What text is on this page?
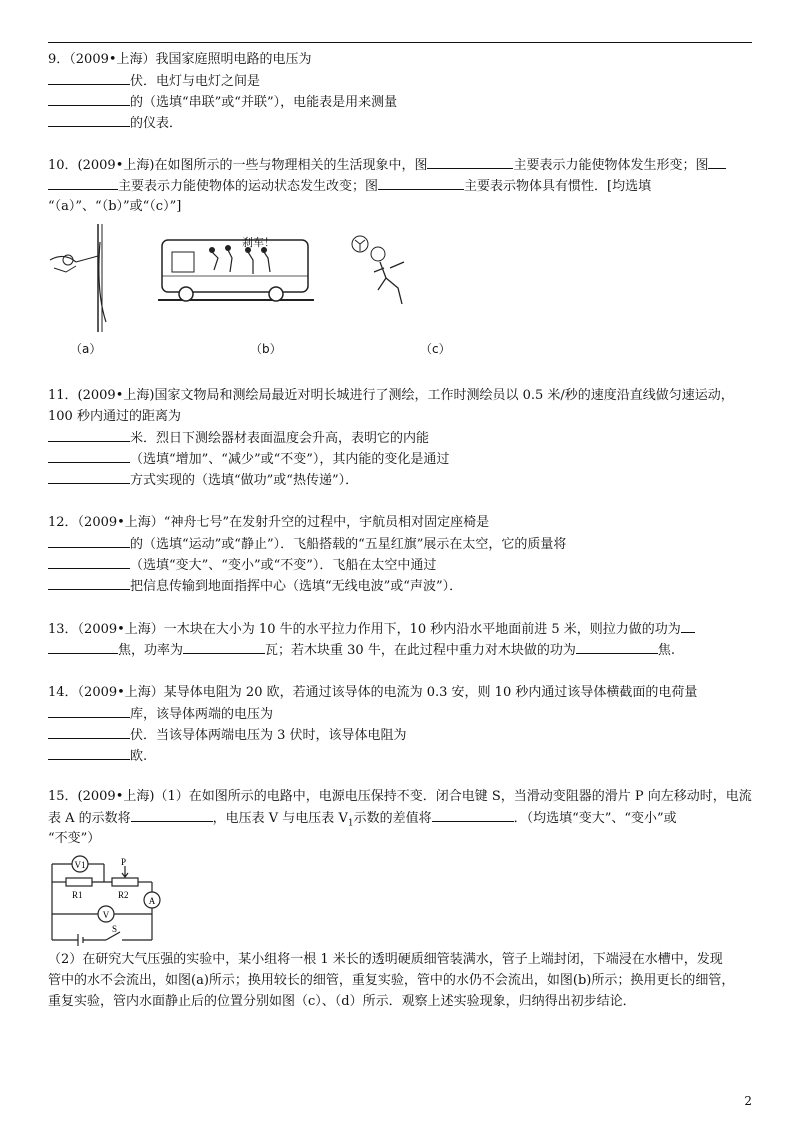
9．（2009•上海）我国家庭照明电路的电压为
伏．电灯与电灯之间是
的（选填“串联”或“并联”），电能表是用来测量
的仪表．
10．(2009•上海)在如图所示的一些与物理相关的生活现象中，图	主要表示力能使物体发生形变；图
主要表示力能使物体的运动状态发生改变；图	主要表示物体具有惯性．[均选填
“（a）”、“（b）”或“（c）”]
刹车！
（a）	（b）	（c）
11．(2009•上海)国家文物局和测绘局最近对明长城进行了测绘，工作时测绘员以 0.5 米/秒的速度沿直线做匀速运动，
100 秒内通过的距离为
米．烈日下测绘器材表面温度会升高，表明它的内能
（选填“增加”、“减少”或“不变”），其内能的变化是通过
方式实现的（选填“做功”或“热传递”）．
12．（2009•上海）“神舟七号”在发射升空的过程中，宇航员相对固定座椅是
的（选填“运动”或“静止”）．飞船搭载的“五星红旗”展示在太空，它的质量将
（选填“变大”、“变小”或“不变”）．飞船在太空中通过
把信息传输到地面指挥中心（选填“无线电波”或“声波”）．
13．（2009•上海）一木块在大小为 10 牛的水平拉力作用下，10 秒内沿水平地面前进 5 米，则拉力做的功为
焦，功率为	瓦；若木块重 30 牛，在此过程中重力对木块做的功为	焦.
14．（2009•上海）某导体电阻为 20 欧，若通过该导体的电流为 0.3 安，则 10 秒内通过该导体横截面的电荷量
库，该导体两端的电压为
伏．当该导体两端电压为 3 伏时，该导体电阻为
欧.
15．(2009•上海)（1）在如图所示的电路中，电源电压保持不变．闭合电键 S，当滑动变阻器的滑片 P 向左移动时，电流
表 A 的示数将	，电压表 V 与电压表 $V_1$示数的差值将	．（均选填“变大”、“变小”或
“不变”）
V1	P
R1	R2
A
V
S
（2）在研究大气压强的实验中，某小组将一根 1 米长的透明硬质细管装满水，管子上端封闭，下端浸在水槽中，发现
管中的水不会流出，如图(a)所示；换用较长的细管，重复实验，管中的水仍不会流出，如图(b)所示；换用更长的细管，
重复实验，管内水面静止后的位置分别如图（c）、（d）所示．观察上述实验现象，归纳得出初步结论．
2
